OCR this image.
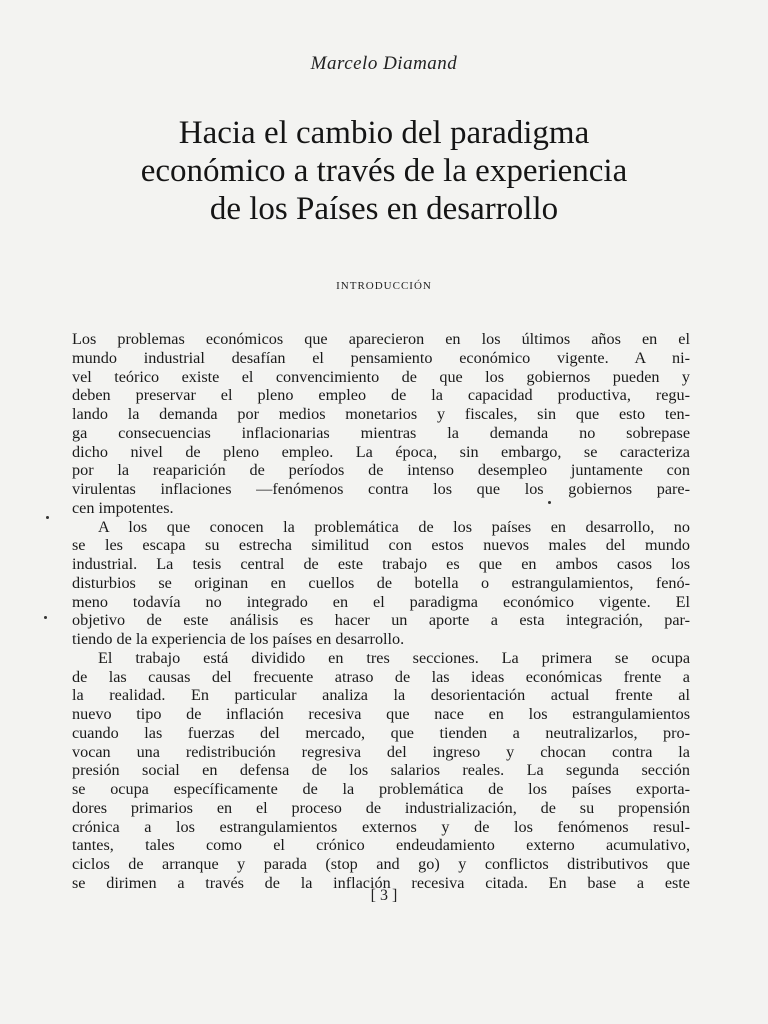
Marcelo Diamand
Hacia el cambio del paradigma
económico a través de la experiencia
de los Países en desarrollo
INTRODUCCIÓN
Los problemas económicos que aparecieron en los últimos años en el
mundo industrial desafían el pensamiento económico vigente. A ni-
vel teórico existe el convencimiento de que los gobiernos pueden y
deben preservar el pleno empleo de la capacidad productiva, regu-
lando la demanda por medios monetarios y fiscales, sin que esto ten-
ga consecuencias inflacionarias mientras la demanda no sobrepase
dicho nivel de pleno empleo. La época, sin embargo, se caracteriza
por la reaparición de períodos de intenso desempleo juntamente con
virulentas inflaciones —fenómenos contra los que los gobiernos pare-
cen impotentes.
A los que conocen la problemática de los países en desarrollo, no
se les escapa su estrecha similitud con estos nuevos males del mundo
industrial. La tesis central de este trabajo es que en ambos casos los
disturbios se originan en cuellos de botella o estrangulamientos, fenó-
meno todavía no integrado en el paradigma económico vigente. El
objetivo de este análisis es hacer un aporte a esta integración, par-
tiendo de la experiencia de los países en desarrollo.
El trabajo está dividido en tres secciones. La primera se ocupa
de las causas del frecuente atraso de las ideas económicas frente a
la realidad. En particular analiza la desorientación actual frente al
nuevo tipo de inflación recesiva que nace en los estrangulamientos
cuando las fuerzas del mercado, que tienden a neutralizarlos, pro-
vocan una redistribución regresiva del ingreso y chocan contra la
presión social en defensa de los salarios reales. La segunda sección
se ocupa específicamente de la problemática de los países exporta-
dores primarios en el proceso de industrialización, de su propensión
crónica a los estrangulamientos externos y de los fenómenos resul-
tantes, tales como el crónico endeudamiento externo acumulativo,
ciclos de arranque y parada (stop and go) y conflictos distributivos que
se dirimen a través de la inflación recesiva citada. En base a este
[ 3 ]
